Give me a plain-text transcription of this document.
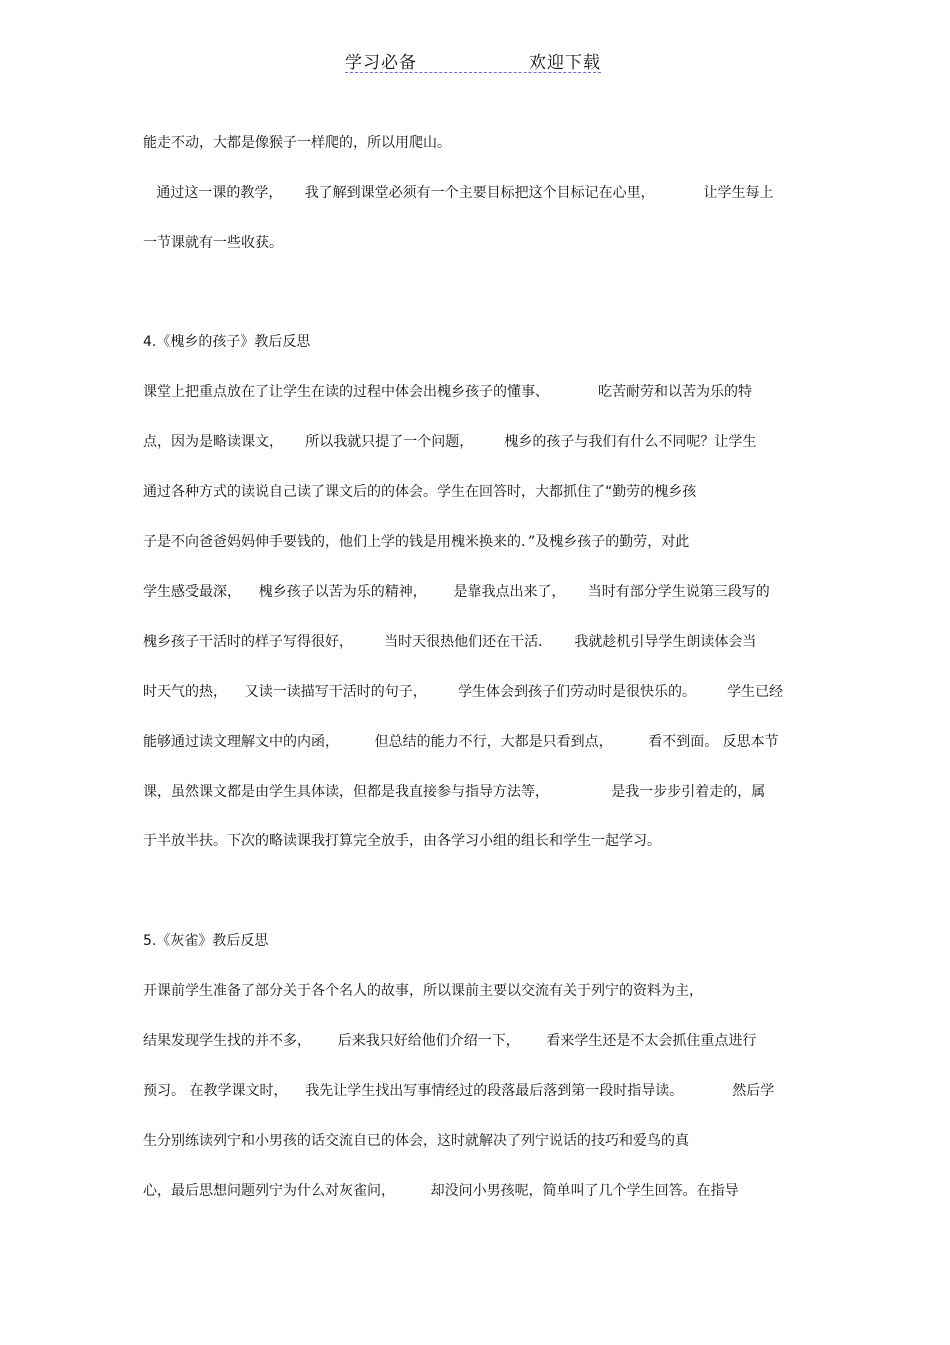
学习必备	欢迎下载
能走不动，大都是像猴子一样爬的，所以用爬山。
通过这一课的教学，     我了解到课堂必须有一个主要目标把这个目标记在心里，           让学生每上
一节课就有一些收获。
4.《槐乡的孩子》教后反思
课堂上把重点放在了让学生在读的过程中体会出槐乡孩子的懂事、           吃苦耐劳和以苦为乐的特
点，因为是略读课文，     所以我就只提了一个问题，       槐乡的孩子与我们有什么不同呢？让学生
通过各种方式的读说自己读了课文后的的体会。学生在回答时，大都抓住了“勤劳的槐乡孩
子是不向爸爸妈妈伸手要钱的，他们上学的钱是用槐米换来的．”及槐乡孩子的勤劳，对此
学生感受最深，    槐乡孩子以苦为乐的精神，      是靠我点出来了，     当时有部分学生说第三段写的
槐乡孩子干活时的样子写得很好，       当时天很热他们还在干活．     我就趁机引导学生朗读体会当
时天气的热，    又读一读描写干活时的句子，       学生体会到孩子们劳动时是很快乐的。       学生已经
能够通过读文理解文中的内函，        但总结的能力不行，大都是只看到点，        看不到面。 反思本节
课，虽然课文都是由学生具体读，但都是我直接参与指导方法等，              是我一步步引着走的，属
于半放半扶。下次的略读课我打算完全放手，由各学习小组的组长和学生一起学习。
5.《灰雀》教后反思
开课前学生准备了部分关于各个名人的故事，所以课前主要以交流有关于列宁的资料为主，
结果发现学生找的并不多，      后来我只好给他们介绍一下，      看来学生还是不太会抓住重点进行
预习。 在教学课文时，    我先让学生找出写事情经过的段落最后落到第一段时指导读。           然后学
生分别练读列宁和小男孩的话交流自已的体会，这时就解决了列宁说话的技巧和爱鸟的真
心，最后思想问题列宁为什么对灰雀问，        却没问小男孩呢，简单叫了几个学生回答。在指导
